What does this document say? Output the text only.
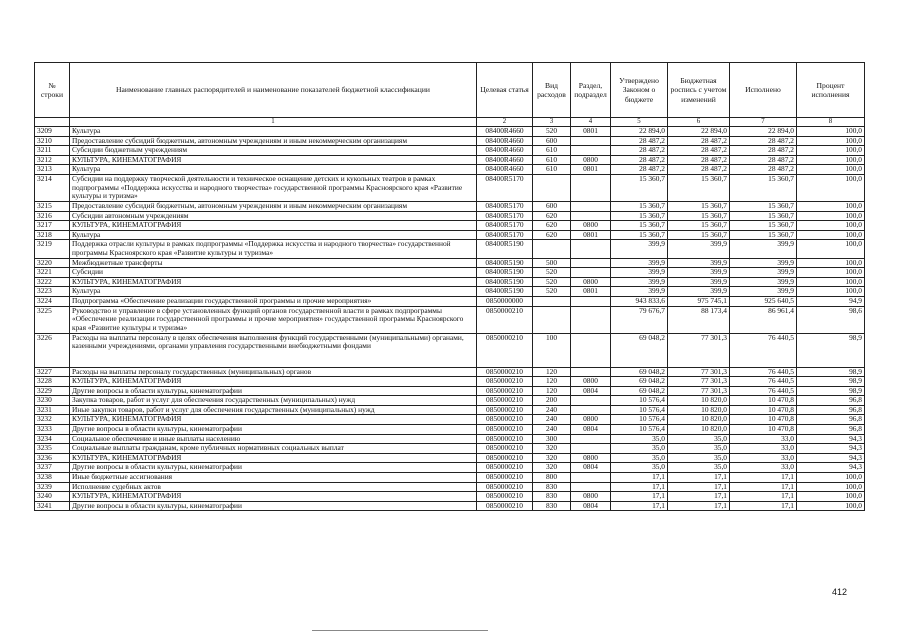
№ строки	Наименование главных распорядителей и наименование показателей бюджетной классификации	Целевая статья	Вид расходов	Раздел, подраздел	Утверждено Законом о бюджете	Бюджетная роспись с учетом изменений	Исполнено	Процент исполнения
	1	2	3	4	5	6	7	8
3209	Культура	08400R4660	520	0801	22 894,0	22 894,0	22 894,0	100,0
3210	Предоставление субсидий бюджетным, автономным учреждениям и иным некоммерческим организациям	08400R4660	600		28 487,2	28 487,2	28 487,2	100,0
3211	Субсидии бюджетным учреждениям	08400R4660	610		28 487,2	28 487,2	28 487,2	100,0
3212	КУЛЬТУРА, КИНЕМАТОГРАФИЯ	08400R4660	610	0800	28 487,2	28 487,2	28 487,2	100,0
3213	Культура	08400R4660	610	0801	28 487,2	28 487,2	28 487,2	100,0
3214	Субсидии на поддержку творческой деятельности и техническое оснащение детских и кукольных театров в рамках подпрограммы «Поддержка искусства и народного творчества» государственной программы Красноярского края «Развитие культуры и туризма»	08400R5170			15 360,7	15 360,7	15 360,7	100,0
3215	Предоставление субсидий бюджетным, автономным учреждениям и иным некоммерческим организациям	08400R5170	600		15 360,7	15 360,7	15 360,7	100,0
3216	Субсидии автономным учреждениям	08400R5170	620		15 360,7	15 360,7	15 360,7	100,0
3217	КУЛЬТУРА, КИНЕМАТОГРАФИЯ	08400R5170	620	0800	15 360,7	15 360,7	15 360,7	100,0
3218	Культура	08400R5170	620	0801	15 360,7	15 360,7	15 360,7	100,0
3219	Поддержка отрасли культуры в рамках подпрограммы «Поддержка искусства и народного творчества» государственной программы Красноярского края «Развитие культуры и туризма»	08400R5190			399,9	399,9	399,9	100,0
3220	Межбюджетные трансферты	08400R5190	500		399,9	399,9	399,9	100,0
3221	Субсидии	08400R5190	520		399,9	399,9	399,9	100,0
3222	КУЛЬТУРА, КИНЕМАТОГРАФИЯ	08400R5190	520	0800	399,9	399,9	399,9	100,0
3223	Культура	08400R5190	520	0801	399,9	399,9	399,9	100,0
3224	Подпрограмма «Обеспечение реализации государственной программы и прочие мероприятия»	0850000000			943 833,6	975 745,1	925 640,5	94,9
3225	Руководство и управление в сфере установленных функций органов государственной власти в рамках подпрограммы «Обеспечение реализации государственной программы и прочие мероприятия» государственной программы Красноярского края «Развитие культуры и туризма»	0850000210			79 676,7	88 173,4	86 961,4	98,6
3226	Расходы на выплаты персоналу в целях обеспечения выполнения функций государственными (муниципальными) органами, казенными учреждениями, органами управления государственными внебюджетными фондами	0850000210	100		69 048,2	77 301,3	76 440,5	98,9
3227	Расходы на выплаты персоналу государственных (муниципальных) органов	0850000210	120		69 048,2	77 301,3	76 440,5	98,9
3228	КУЛЬТУРА, КИНЕМАТОГРАФИЯ	0850000210	120	0800	69 048,2	77 301,3	76 440,5	98,9
3229	Другие вопросы в области культуры, кинематографии	0850000210	120	0804	69 048,2	77 301,3	76 440,5	98,9
3230	Закупка товаров, работ и услуг для обеспечения государственных (муниципальных) нужд	0850000210	200		10 576,4	10 820,0	10 470,8	96,8
3231	Иные закупки товаров, работ и услуг для обеспечения государственных (муниципальных) нужд	0850000210	240		10 576,4	10 820,0	10 470,8	96,8
3232	КУЛЬТУРА, КИНЕМАТОГРАФИЯ	0850000210	240	0800	10 576,4	10 820,0	10 470,8	96,8
3233	Другие вопросы в области культуры, кинематографии	0850000210	240	0804	10 576,4	10 820,0	10 470,8	96,8
3234	Социальное обеспечение и иные выплаты населению	0850000210	300		35,0	35,0	33,0	94,3
3235	Социальные выплаты гражданам, кроме публичных нормативных социальных выплат	0850000210	320		35,0	35,0	33,0	94,3
3236	КУЛЬТУРА, КИНЕМАТОГРАФИЯ	0850000210	320	0800	35,0	35,0	33,0	94,3
3237	Другие вопросы в области культуры, кинематографии	0850000210	320	0804	35,0	35,0	33,0	94,3
3238	Иные бюджетные ассигнования	0850000210	800		17,1	17,1	17,1	100,0
3239	Исполнение судебных актов	0850000210	830		17,1	17,1	17,1	100,0
3240	КУЛЬТУРА, КИНЕМАТОГРАФИЯ	0850000210	830	0800	17,1	17,1	17,1	100,0
3241	Другие вопросы в области культуры, кинематографии	0850000210	830	0804	17,1	17,1	17,1	100,0
412
